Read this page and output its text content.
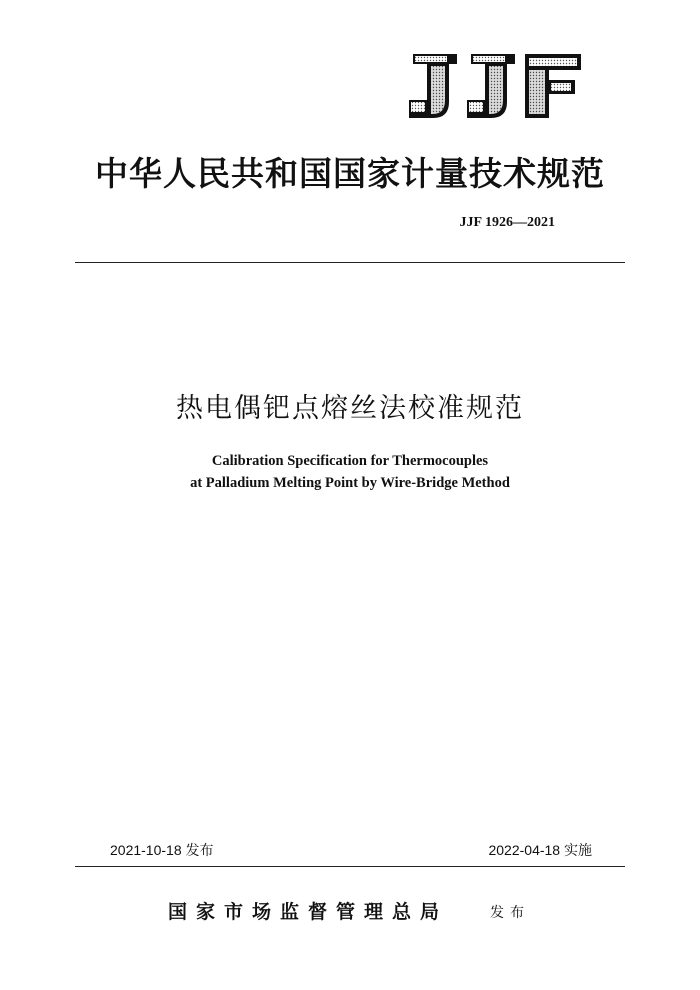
中华人民共和国国家计量技术规范
JJF 1926—2021
热电偶钯点熔丝法校准规范
Calibration Specification for Thermocouples
at Palladium Melting Point by Wire-Bridge Method
2021-10-18 发布	2022-04-18 实施
国家市场监督管理总局	发布
